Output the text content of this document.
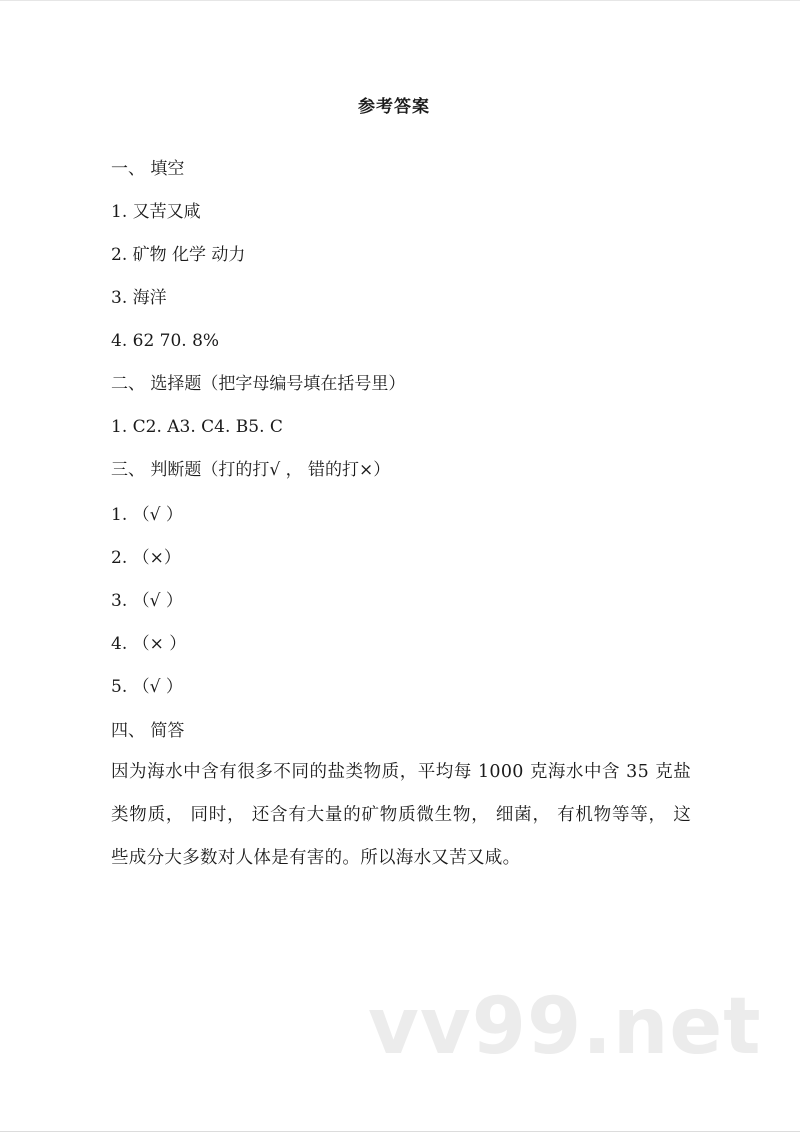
参考答案
一、 填空
1. 又苦又咸
2. 矿物 化学 动力
3. 海洋
4. 62 70. 8%
二、 选择题（把字母编号填在括号里）
1. C2. A3. C4. B5. C
三、 判断题（打的打√ ， 错的打×）
1. （√ ）
2. （×）
3. （√ ）
4. （× ）
5. （√ ）
四、 简答
因为海水中含有很多不同的盐类物质，平均每 1000 克海水中含 35 克盐类物质， 同时， 还含有大量的矿物质微生物， 细菌， 有机物等等， 这些成分大多数对人体是有害的。所以海水又苦又咸。
vv99.net
